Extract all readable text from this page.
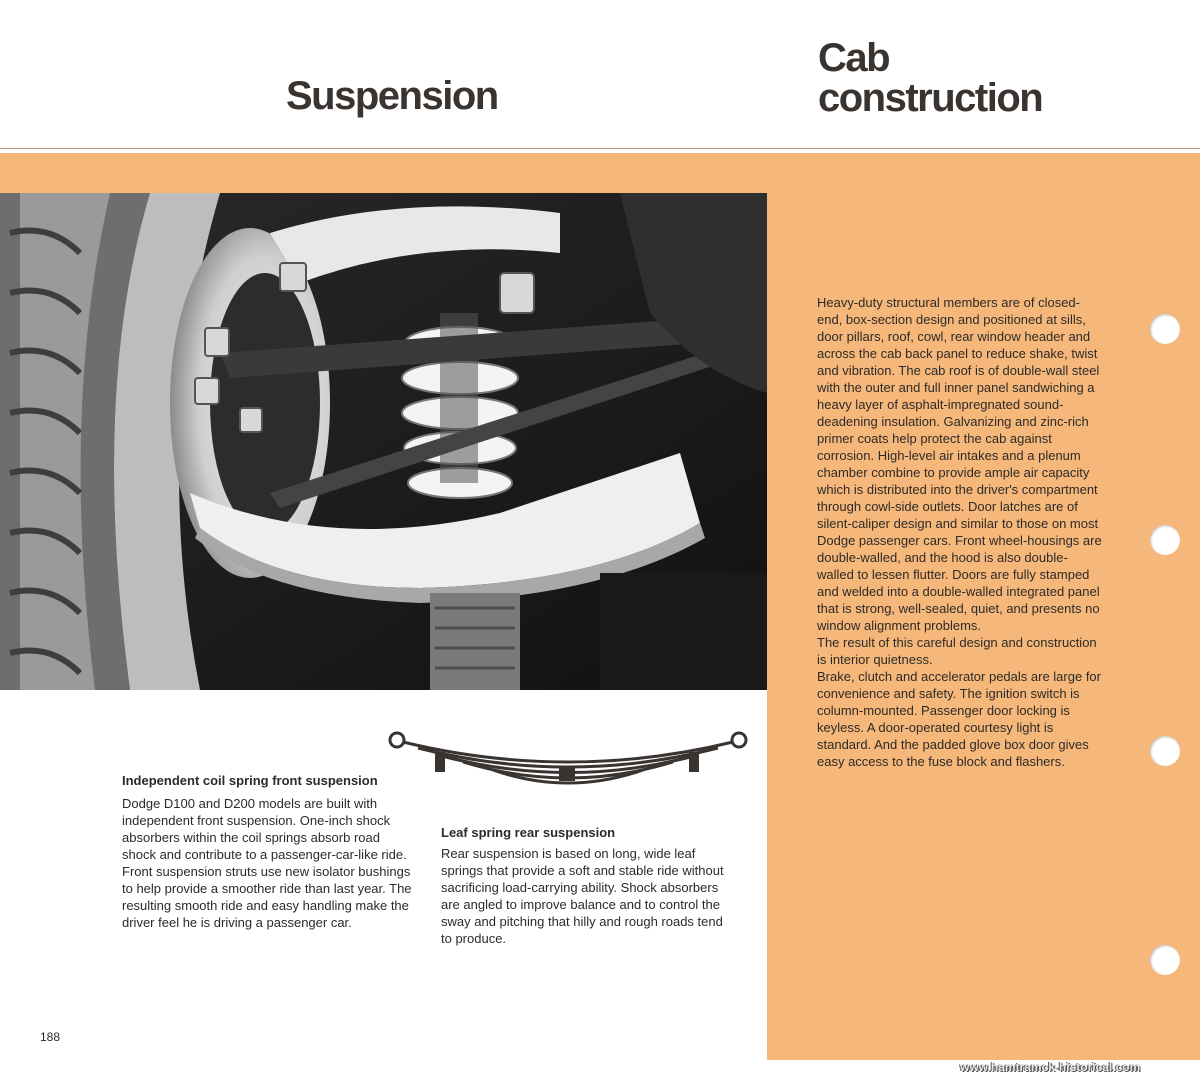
Suspension
Cab
construction
Independent coil spring front suspension

Dodge D100 and D200 models are built with independent front suspension. One-inch shock absorbers within the coil springs absorb road shock and contribute to a passenger-car-like ride. Front suspension struts use new isolator bushings to help provide a smoother ride than last year. The resulting smooth ride and easy handling make the driver feel he is driving a passenger car.

Leaf spring rear suspension

Rear suspension is based on long, wide leaf springs that provide a soft and stable ride without sacrificing load-carrying ability. Shock absorbers are angled to improve balance and to control the sway and pitching that hilly and rough roads tend to produce.

Heavy-duty structural members are of closed-end, box-section design and positioned at sills, door pillars, roof, cowl, rear window header and across the cab back panel to reduce shake, twist and vibration. The cab roof is of double-wall steel with the outer and full inner panel sandwiching a heavy layer of asphalt-impregnated sound-deadening insulation. Galvanizing and zinc-rich primer coats help protect the cab against corrosion. High-level air intakes and a plenum chamber combine to provide ample air capacity which is distributed into the driver's compartment through cowl-side outlets. Door latches are of silent-caliper design and similar to those on most Dodge passenger cars. Front wheel-housings are double-walled, and the hood is also double-walled to lessen flutter. Doors are fully stamped and welded into a double-walled integrated panel that is strong, well-sealed, quiet, and presents no window alignment problems.

The result of this careful design and construction is interior quietness.

Brake, clutch and accelerator pedals are large for convenience and safety. The ignition switch is column-mounted. Passenger door locking is keyless. A door-operated courtesy light is standard. And the padded glove box door gives easy access to the fuse block and flashers.

188
www.hamtramck-historical.com
